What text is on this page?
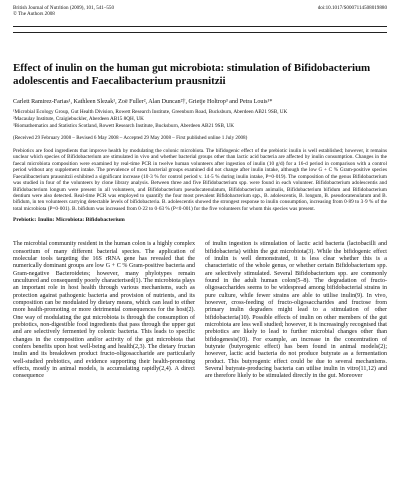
British Journal of Nutrition (2009), 101, 541–550
© The Authors 2008
doi:10.1017/S0007114508019880
Effect of inulin on the human gut microbiota: stimulation of Bifidobacterium adolescentis and Faecalibacterium prausnitzii
Carlett Ramirez-Farias¹, Kathleen Slezak¹, Zoë Fuller², Alan Duncan²†, Grietje Holtrop³ and Petra Louis¹*
¹Microbial Ecology Group, Gut Health Division, Rowett Research Institute, Greenburn Road, Bucksburn, Aberdeen AB21 9SB, UK
²Macaulay Institute, Craigiebuckler, Aberdeen AB15 8QH, UK
³Biomathematics and Statistics Scotland, Rowett Research Institute, Bucksburn, Aberdeen AB21 9SB, UK
(Received 29 February 2008 – Revised 6 May 2008 – Accepted 29 May 2008 – First published online 1 July 2008)
Prebiotics are food ingredients that improve health by modulating the colonic microbiota. The bifidogenic effect of the prebiotic inulin is well established; however, it remains unclear which species of Bifidobacterium are stimulated in vivo and whether bacterial groups other than lactic acid bacteria are affected by inulin consumption. Changes in the faecal microbiota composition were examined by real-time PCR in twelve human volunteers after ingestion of inulin (10 g/d) for a 16-d period in comparison with a control period without any supplement intake. The prevalence of most bacterial groups examined did not change after inulin intake, although the low G + C % Gram-positive species Faecalibacterium prausnitzii exhibited a significant increase (10·3 % for control period v. 14·5 % during inulin intake, P=0·019). The composition of the genus Bifidobacterium was studied in four of the volunteers by clone library analysis. Between three and five Bifidobacterium spp. were found in each volunteer. Bifidobacterium adolescentis and Bifidobacterium longum were present in all volunteers, and Bifidobacterium pseudocatenulatum, Bifidobacterium animalis, Bifidobacterium bifidum and Bifidobacterium dentium were also detected. Real-time PCR was employed to quantify the four most prevalent Bifidobacterium spp., B. adolescentis, B. longum, B. pseudocatenulatum and B. bifidum, in ten volunteers carrying detectable levels of bifidobacteria. B. adolescentis showed the strongest response to inulin consumption, increasing from 0·89 to 3·9 % of the total microbiota (P=0·001). B. bifidum was increased from 0·22 to 0·63 % (P<0·001) for the five volunteers for whom this species was present.
Prebiotic: Inulin: Microbiota: Bifidobacterium

The microbial community resident in the human colon is a highly complex consortium of many different bacterial species. The application of molecular tools targeting the 16S rRNA gene has revealed that the numerically dominant groups are low G + C % Gram-positive bacteria and Gram-negative Bacteroidetes; however, many phylotypes remain uncultured and consequently poorly characterised(1). The microbiota plays an important role in host health through various mechanisms, such as protection against pathogenic bacteria and provision of nutrients, and its composition can be modulated by dietary means, which can lead to either more health-promoting or more detrimental consequences for the host(2). One way of modulating the gut microbiota is through the consumption of prebiotics, non-digestible food ingredients that pass through the upper gut and are selectively fermented by colonic bacteria. This leads to specific changes in the composition and/or activity of the gut microbiota that confers benefits upon host well-being and health(2,3). The dietary fructan inulin and its breakdown product fructo-oligosaccharide are particularly well-studied prebiotics, and evidence supporting their health-promoting effects, mostly in animal models, is accumulating rapidly(2,4). A direct consequence

of inulin ingestion is stimulation of lactic acid bacteria (lactobacilli and bifidobacteria) within the gut microbiota(3). While the bifidogenic effect of inulin is well demonstrated, it is less clear whether this is a characteristic of the whole genus, or whether certain Bifidobacterium spp. are selectively stimulated. Several Bifidobacterium spp. are commonly found in the adult human colon(5–8). The degradation of fructo-oligosaccharides seems to be widespread among bifidobacterial strains in pure culture, while fewer strains are able to utilise inulin(9). In vivo, however, cross-feeding of fructo-oligosaccharides and fructose from primary inulin degraders might lead to a stimulation of other bifidobacteria(10). Possible effects of inulin on other members of the gut microbiota are less well studied; however, it is increasingly recognised that prebiotics are likely to lead to further microbial changes other than bifidogenesis(10). For example, an increase in the concentration of butyrate (butyrogenic effect) has been found in animal models(2); however, lactic acid bacteria do not produce butyrate as a fermentation product. This butyrogenic effect could be due to several mechanisms. Several butyrate-producing bacteria can utilise inulin in vitro(11,12) and are therefore likely to be stimulated directly in the gut. Moreover
